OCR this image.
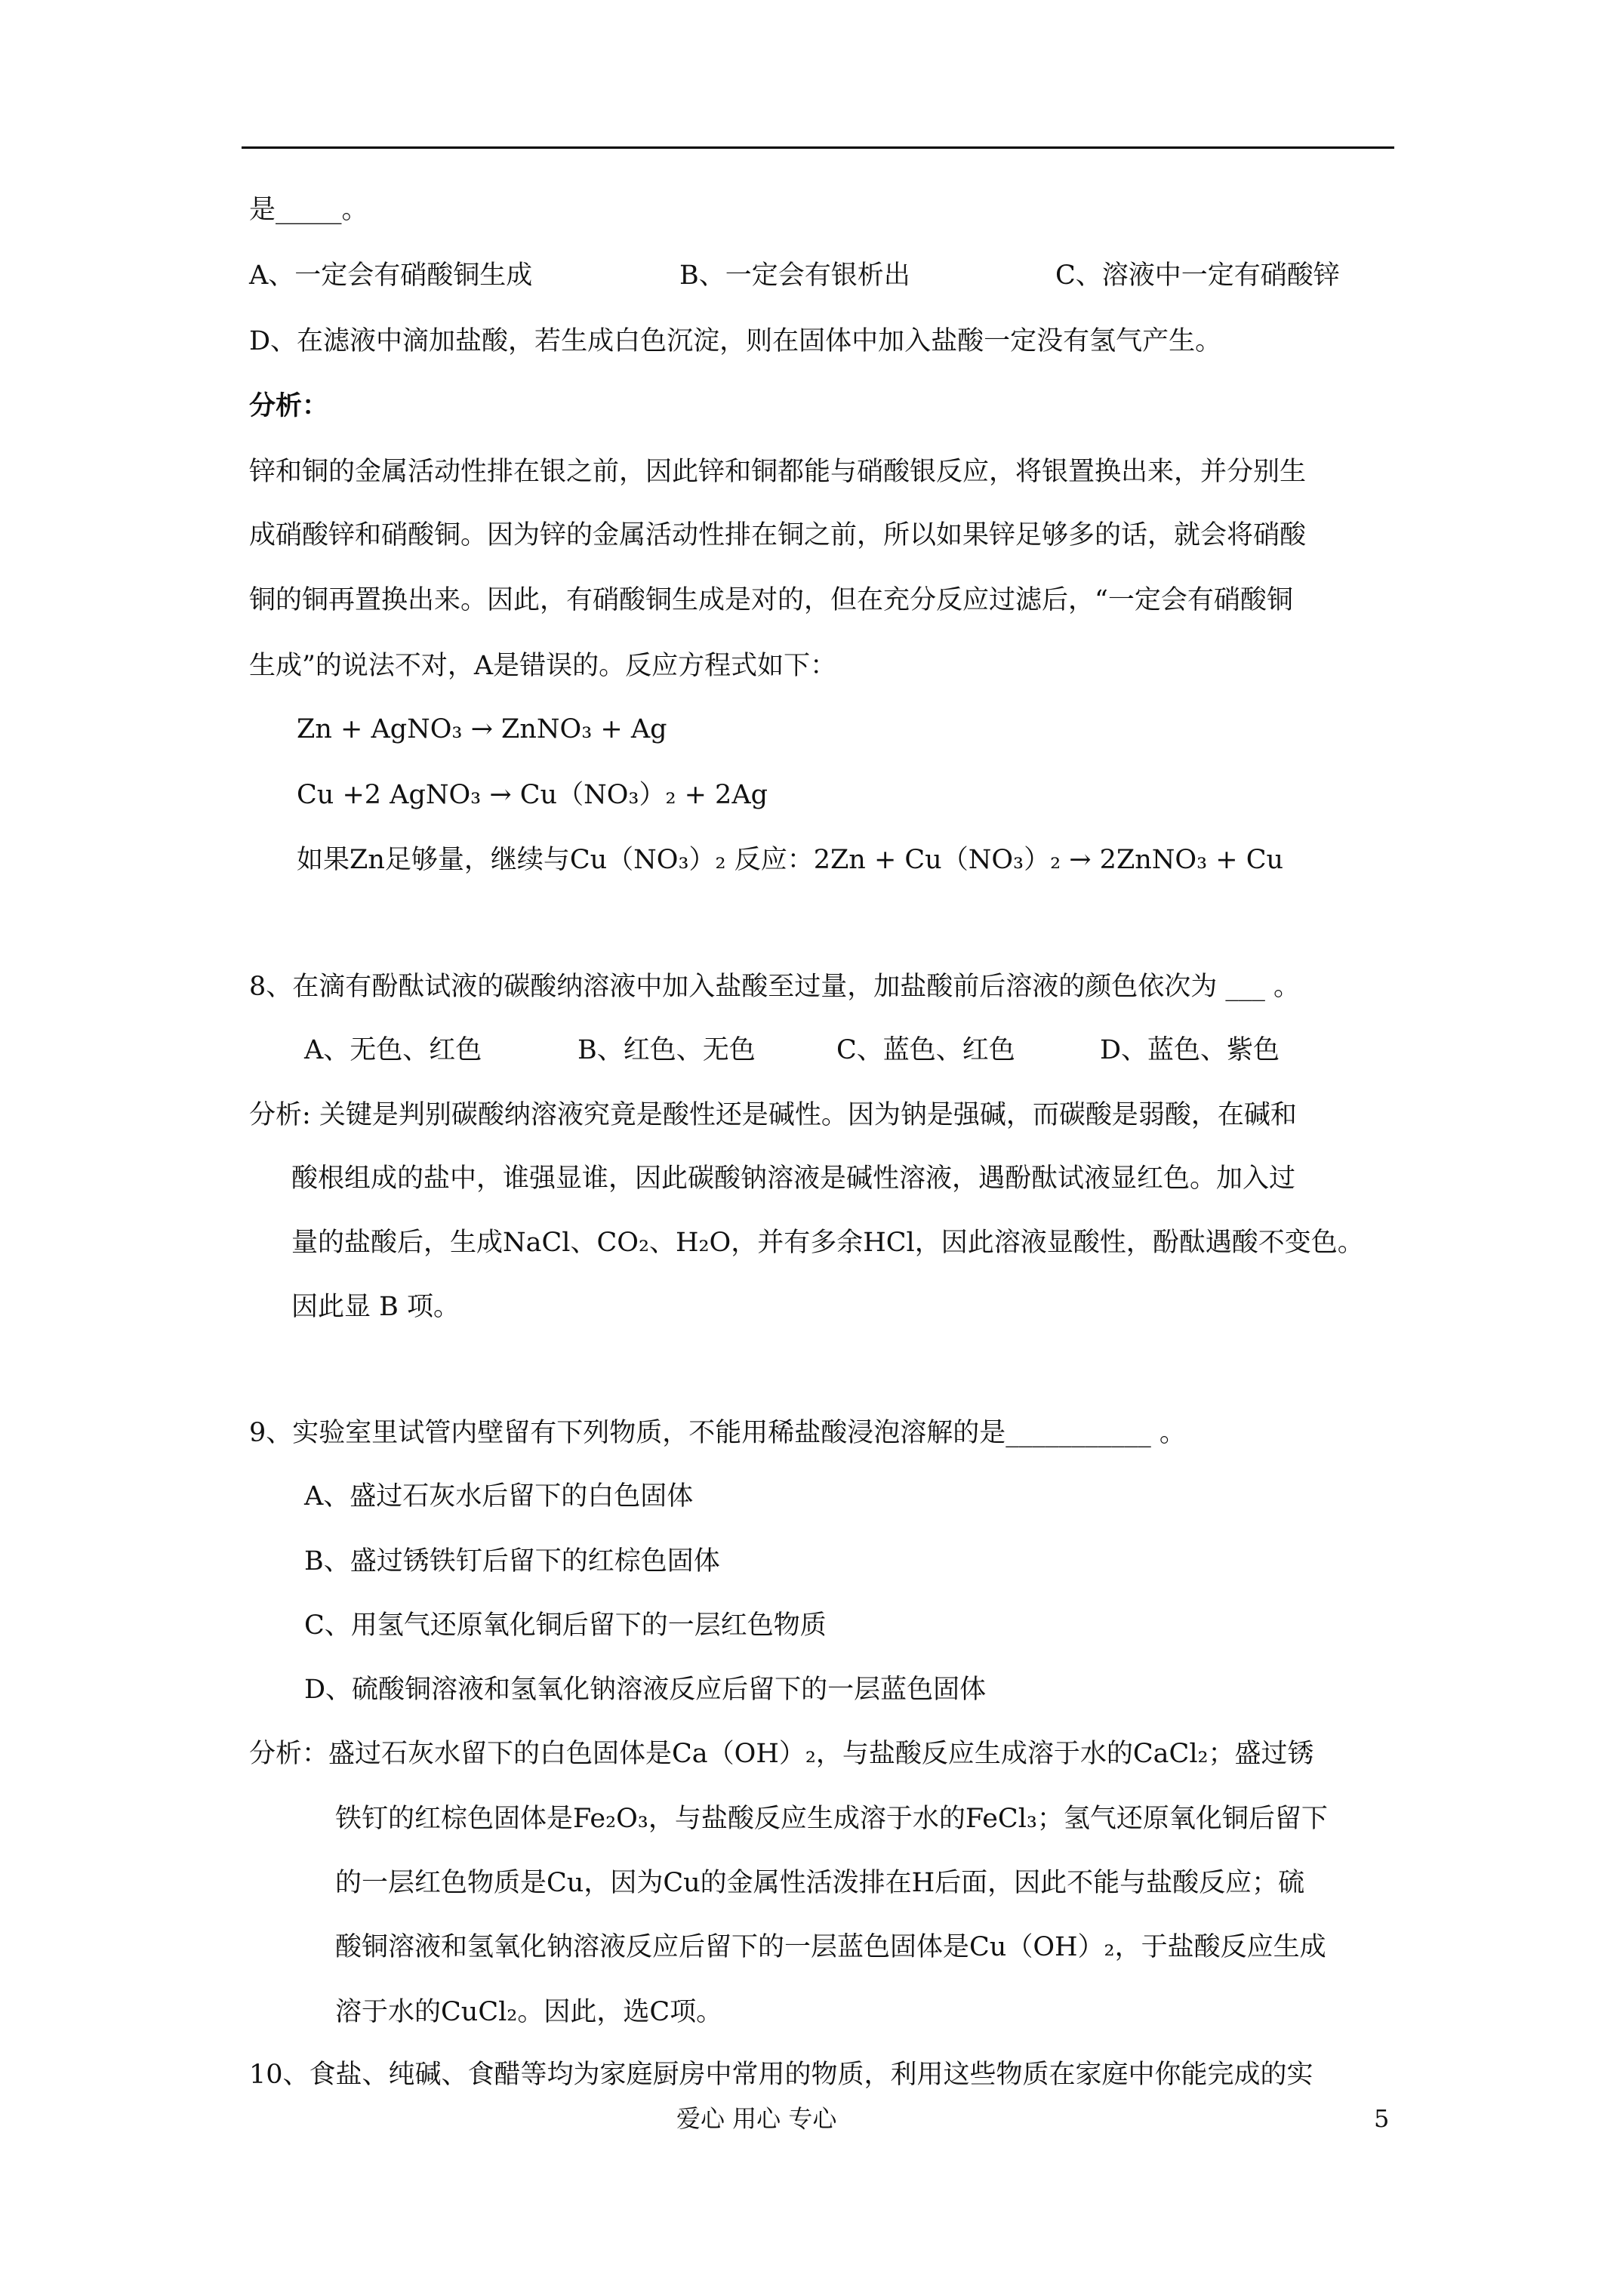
是_____。
A、一定会有硝酸铜生成	B、一定会有银析出	C、溶液中一定有硝酸锌
D、在滤液中滴加盐酸，若生成白色沉淀，则在固体中加入盐酸一定没有氢气产生。
分析：
锌和铜的金属活动性排在银之前，因此锌和铜都能与硝酸银反应，将银置换出来，并分别生
成硝酸锌和硝酸铜。因为锌的金属活动性排在铜之前，所以如果锌足够多的话，就会将硝酸
铜的铜再置换出来。因此，有硝酸铜生成是对的，但在充分反应过滤后，“一定会有硝酸铜
生成”的说法不对，A是错误的。反应方程式如下：
Zn + AgNO₃ → ZnNO₃ + Ag
Cu +2 AgNO₃ → Cu（NO₃）₂ + 2Ag
如果Zn足够量，继续与Cu（NO₃）₂ 反应：2Zn + Cu（NO₃）₂ → 2ZnNO₃ + Cu
8、在滴有酚酞试液的碳酸纳溶液中加入盐酸至过量，加盐酸前后溶液的颜色依次为 ___ 。
A、无色、红色	B、红色、无色	C、蓝色、红色	D、蓝色、紫色
分析: 关键是判别碳酸纳溶液究竟是酸性还是碱性。因为钠是强碱，而碳酸是弱酸，在碱和
酸根组成的盐中，谁强显谁，因此碳酸钠溶液是碱性溶液，遇酚酞试液显红色。加入过
量的盐酸后，生成NaCl、CO₂、H₂O，并有多余HCl，因此溶液显酸性，酚酞遇酸不变色。
因此显 B 项。
9、实验室里试管内壁留有下列物质，不能用稀盐酸浸泡溶解的是___________ 。
A、盛过石灰水后留下的白色固体
B、盛过锈铁钉后留下的红棕色固体
C、用氢气还原氧化铜后留下的一层红色物质
D、硫酸铜溶液和氢氧化钠溶液反应后留下的一层蓝色固体
分析：盛过石灰水留下的白色固体是Ca（OH）₂，与盐酸反应生成溶于水的CaCl₂；盛过锈
铁钉的红棕色固体是Fe₂O₃，与盐酸反应生成溶于水的FeCl₃；氢气还原氧化铜后留下
的一层红色物质是Cu，因为Cu的金属性活泼排在H后面，因此不能与盐酸反应；硫
酸铜溶液和氢氧化钠溶液反应后留下的一层蓝色固体是Cu（OH）₂，于盐酸反应生成
溶于水的CuCl₂。因此，选C项。
10、食盐、纯碱、食醋等均为家庭厨房中常用的物质，利用这些物质在家庭中你能完成的实
爱心 用心 专心	5
